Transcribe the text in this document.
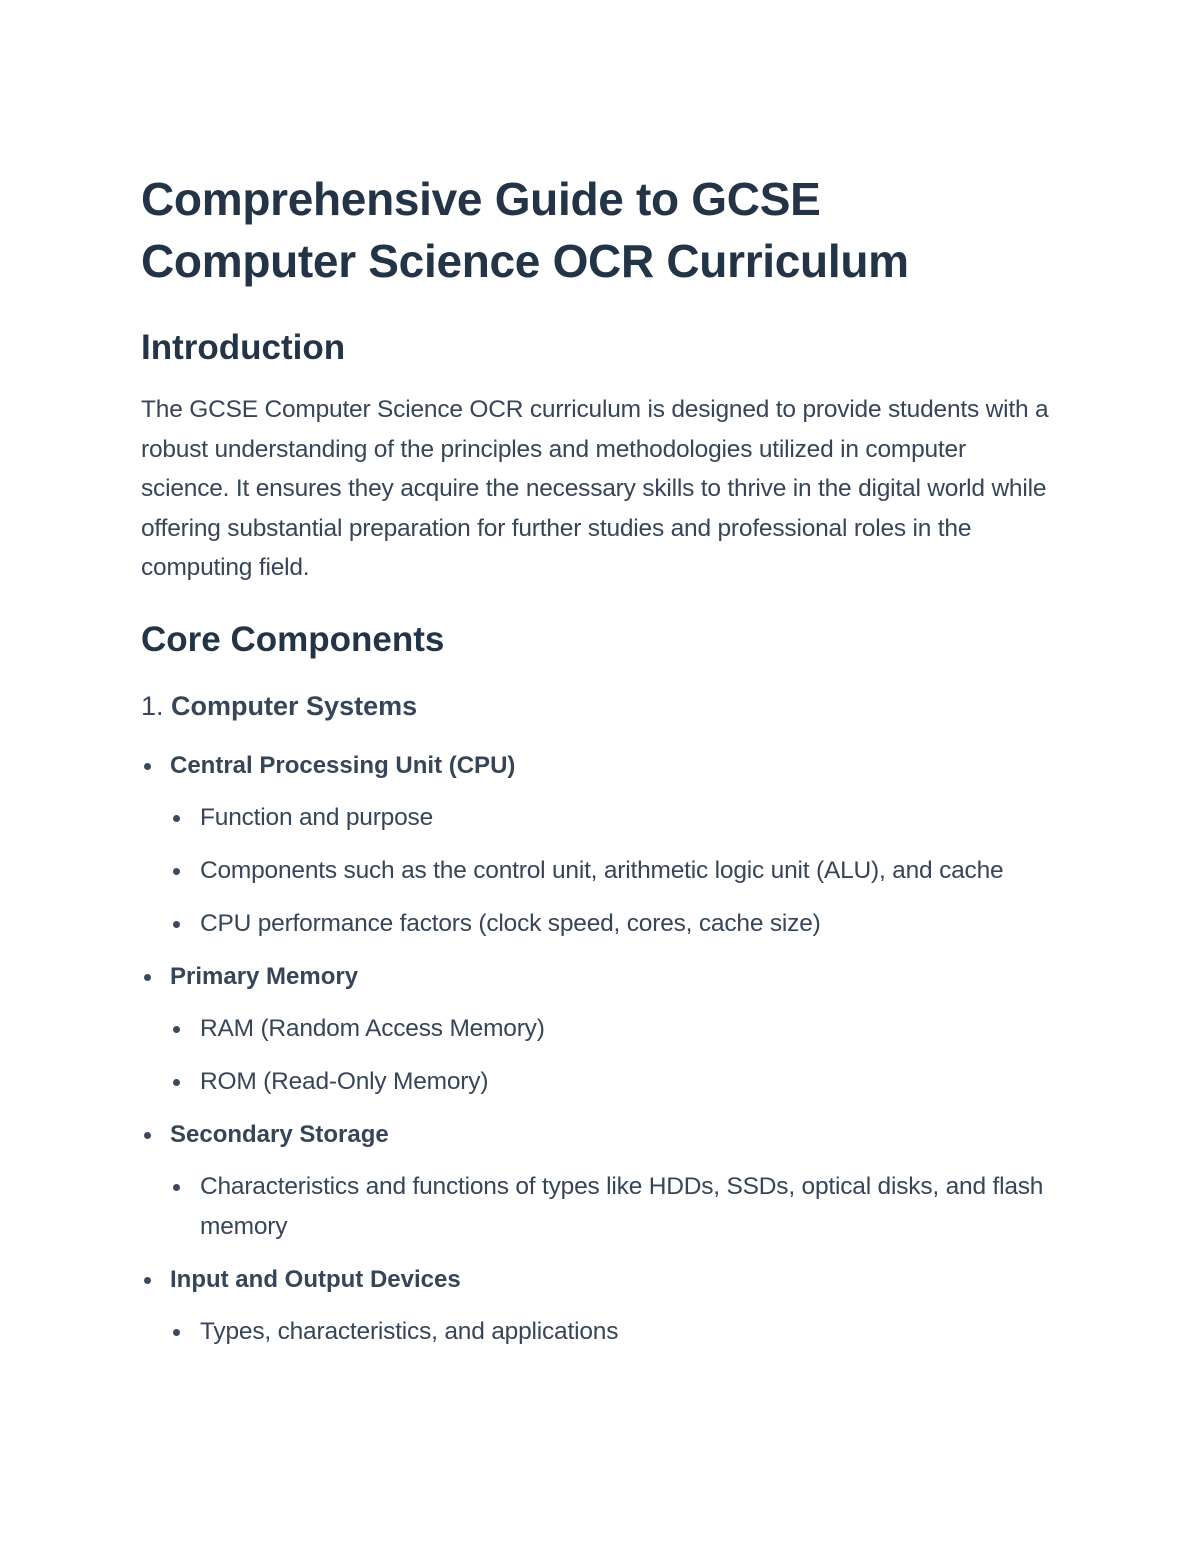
Comprehensive Guide to GCSE
Computer Science OCR Curriculum
Introduction

The GCSE Computer Science OCR curriculum is designed to provide students with a robust understanding of the principles and methodologies utilized in computer science. It ensures they acquire the necessary skills to thrive in the digital world while offering substantial preparation for further studies and professional roles in the computing field.

Core Components
1. Computer Systems
Central Processing Unit (CPU)
Function and purpose
Components such as the control unit, arithmetic logic unit (ALU), and cache
CPU performance factors (clock speed, cores, cache size)
Primary Memory
RAM (Random Access Memory)
ROM (Read-Only Memory)
Secondary Storage
Characteristics and functions of types like HDDs, SSDs, optical disks, and flash memory
Input and Output Devices
Types, characteristics, and applications
